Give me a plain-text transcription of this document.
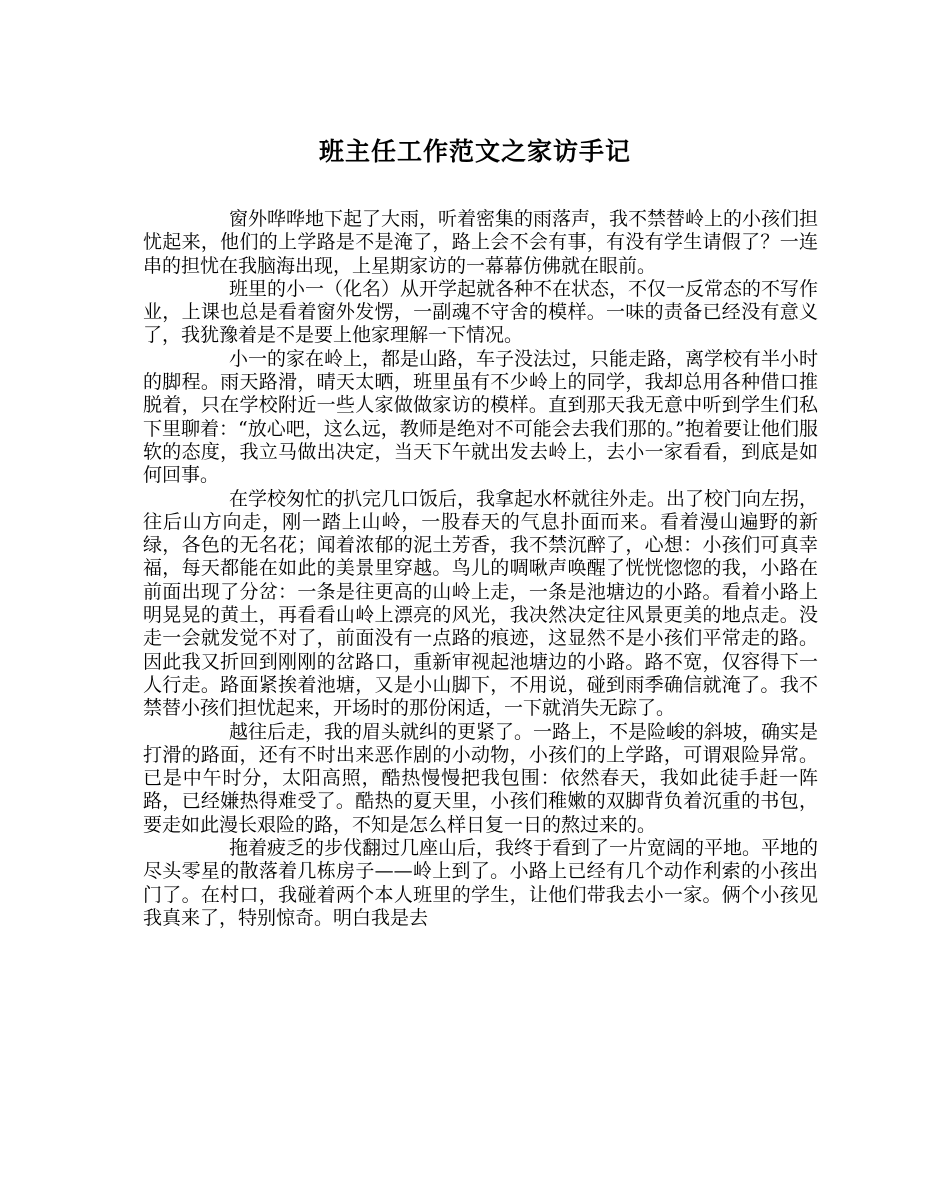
班主任工作范文之家访手记

窗外哗哗地下起了大雨，听着密集的雨落声，我不禁替岭上的小孩们担忧起来，他们的上学路是不是淹了，路上会不会有事，有没有学生请假了？一连串的担忧在我脑海出现，上星期家访的一幕幕仿佛就在眼前。

班里的小一（化名）从开学起就各种不在状态，不仅一反常态的不写作业，上课也总是看着窗外发愣，一副魂不守舍的模样。一味的责备已经没有意义了，我犹豫着是不是要上他家理解一下情况。

小一的家在岭上，都是山路，车子没法过，只能走路，离学校有半小时的脚程。雨天路滑，晴天太晒，班里虽有不少岭上的同学，我却总用各种借口推脱着，只在学校附近一些人家做做家访的模样。直到那天我无意中听到学生们私下里聊着：“放心吧，这么远，教师是绝对不可能会去我们那的。”抱着要让他们服软的态度，我立马做出决定，当天下午就出发去岭上，去小一家看看，到底是如何回事。

在学校匆忙的扒完几口饭后，我拿起水杯就往外走。出了校门向左拐，往后山方向走，刚一踏上山岭，一股春天的气息扑面而来。看着漫山遍野的新绿，各色的无名花；闻着浓郁的泥土芳香，我不禁沉醉了，心想：小孩们可真幸福，每天都能在如此的美景里穿越。鸟儿的啁啾声唤醒了恍恍惚惚的我，小路在前面出现了分岔：一条是往更高的山岭上走，一条是池塘边的小路。看着小路上明晃晃的黄土，再看看山岭上漂亮的风光，我决然决定往风景更美的地点走。没走一会就发觉不对了，前面没有一点路的痕迹，这显然不是小孩们平常走的路。因此我又折回到刚刚的岔路口，重新审视起池塘边的小路。路不宽，仅容得下一人行走。路面紧挨着池塘，又是小山脚下，不用说，碰到雨季确信就淹了。我不禁替小孩们担忧起来，开场时的那份闲适，一下就消失无踪了。

越往后走，我的眉头就纠的更紧了。一路上，不是险峻的斜坡，确实是打滑的路面，还有不时出来恶作剧的小动物，小孩们的上学路，可谓艰险异常。已是中午时分，太阳高照，酷热慢慢把我包围：依然春天，我如此徒手赶一阵路，已经嫌热得难受了。酷热的夏天里，小孩们稚嫩的双脚背负着沉重的书包，要走如此漫长艰险的路，不知是怎么样日复一日的熬过来的。

拖着疲乏的步伐翻过几座山后，我终于看到了一片宽阔的平地。平地的尽头零星的散落着几栋房子——岭上到了。小路上已经有几个动作利索的小孩出门了。在村口，我碰着两个本人班里的学生，让他们带我去小一家。俩个小孩见我真来了，特别惊奇。明白我是去
